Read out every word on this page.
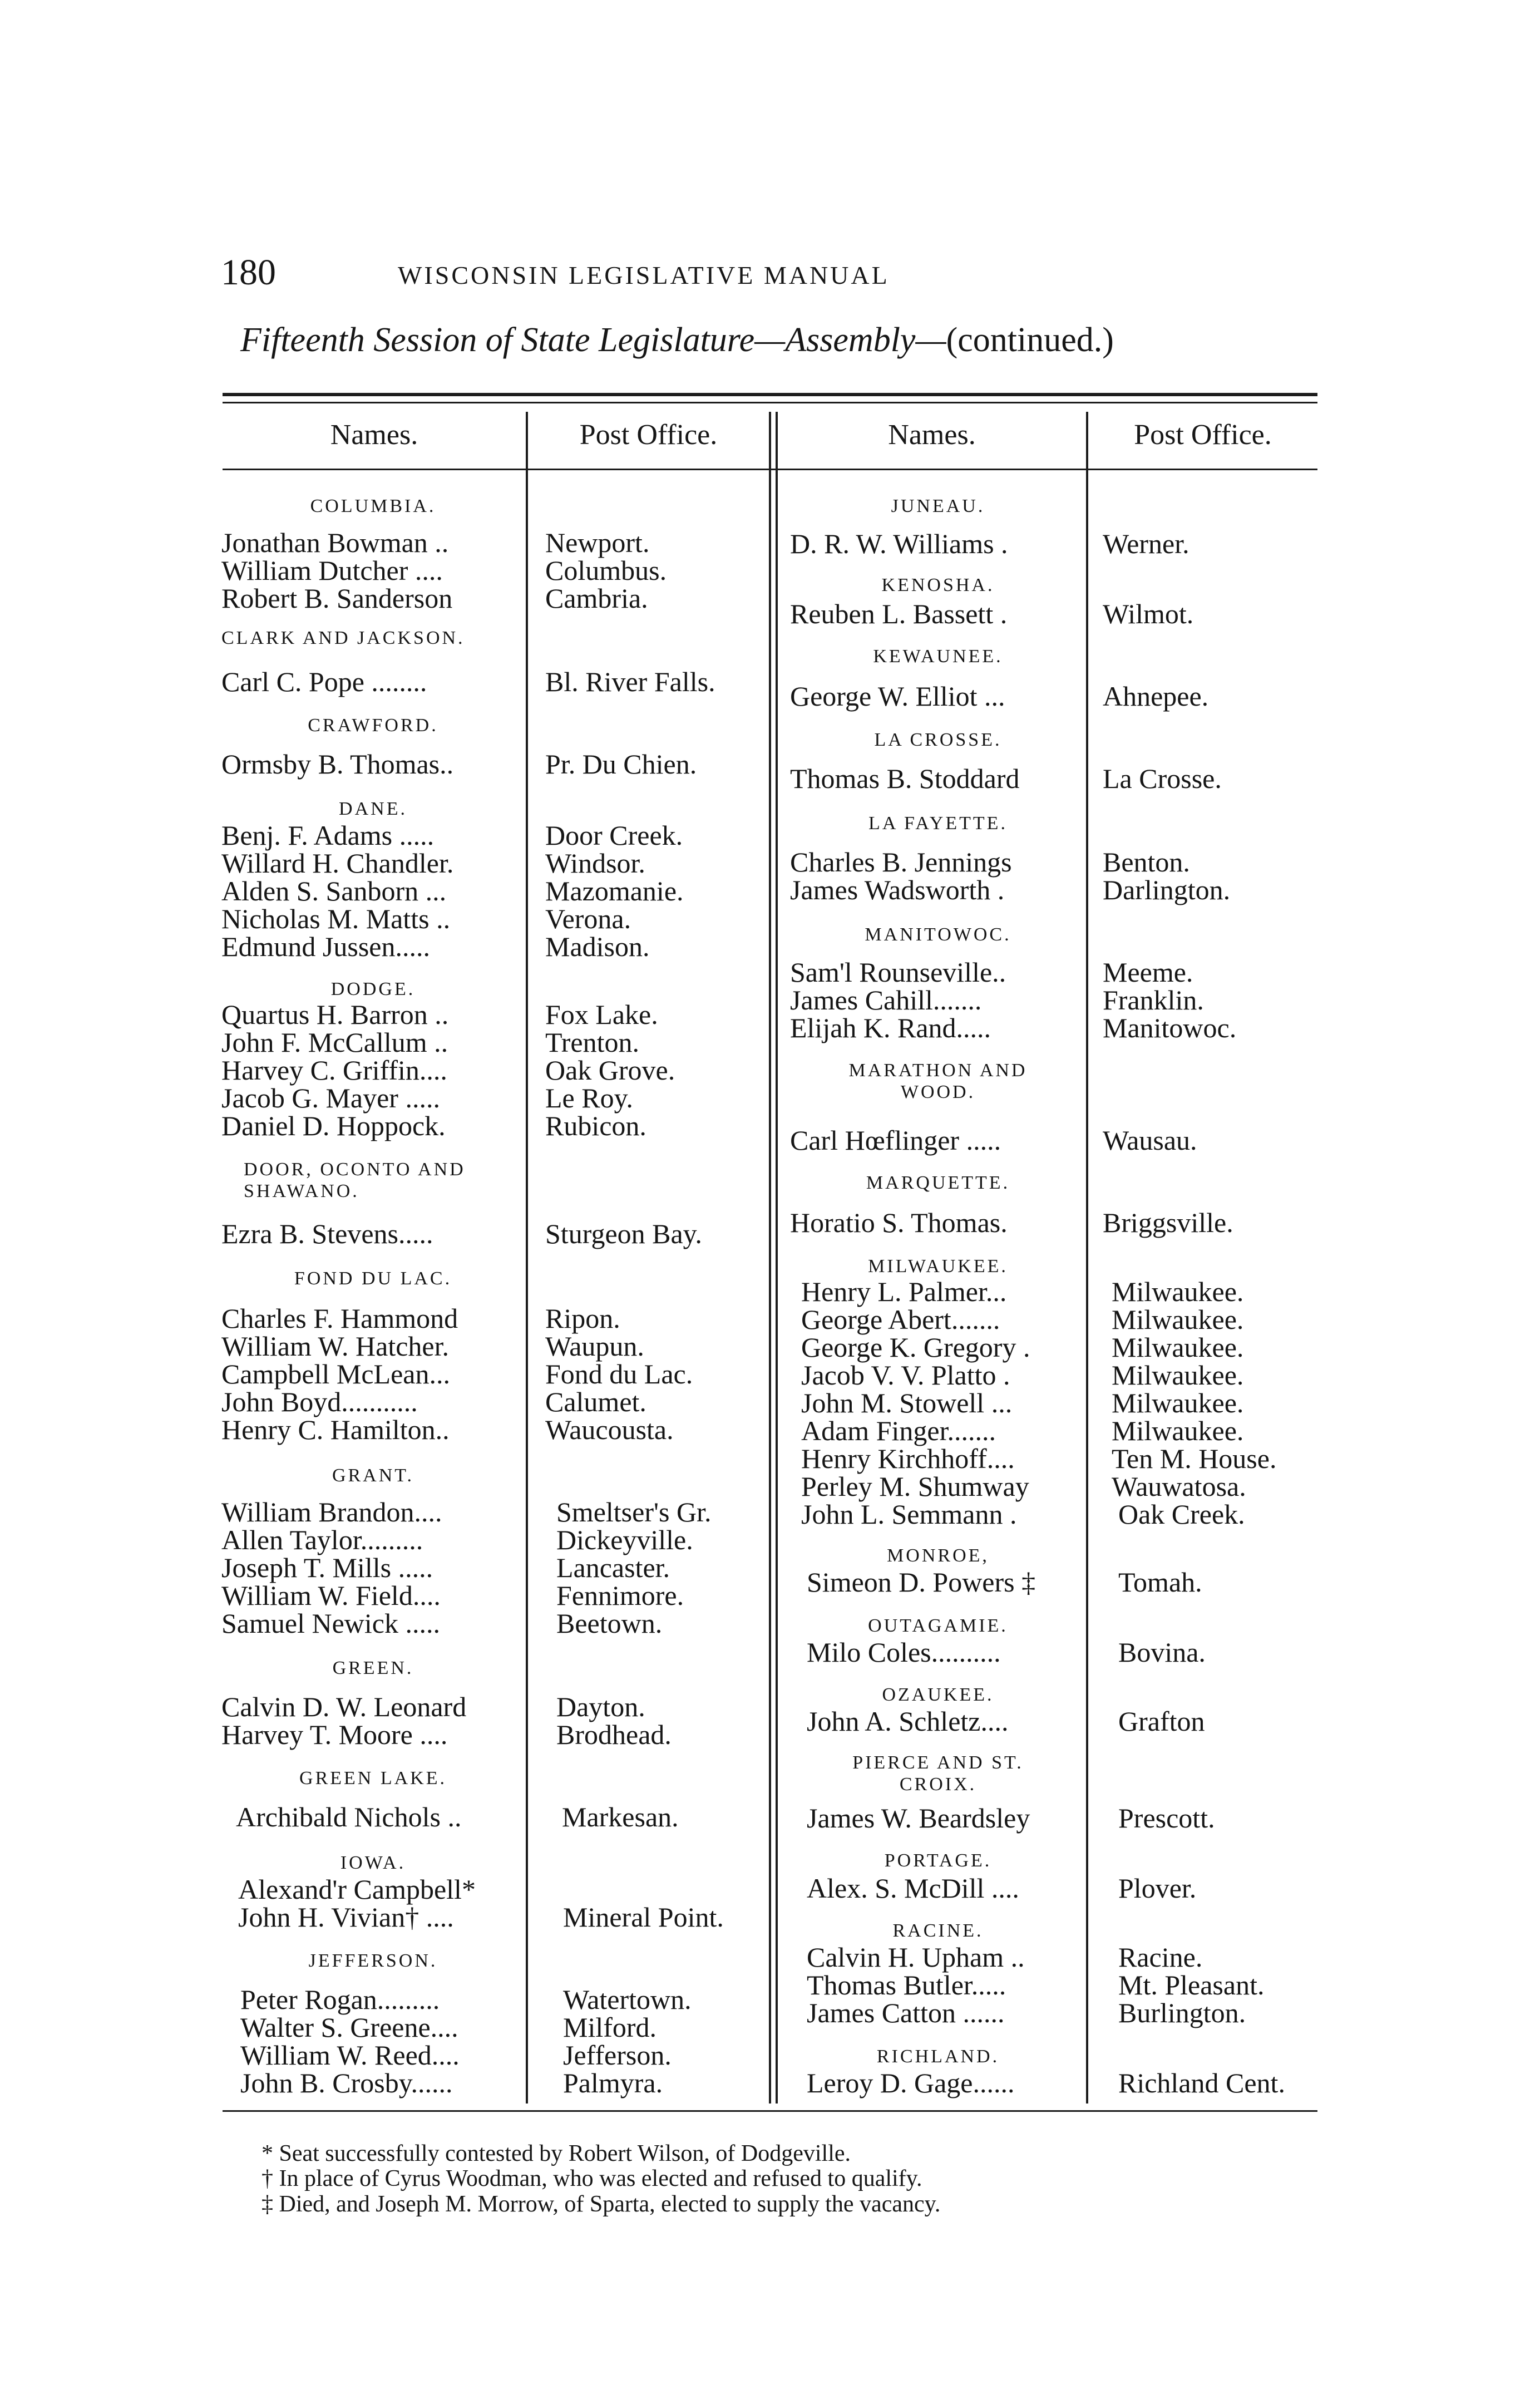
180	WISCONSIN LEGISLATIVE MANUAL
Fifteenth Session of State Legislature—Assembly—(continued.)
Names.	Post Office.	Names.	Post Office.
COLUMBIA.
Jonathan Bowman ..	Newport.
William Dutcher ....	Columbus.
Robert B. Sanderson	Cambria.
CLARK AND JACKSON.
Carl C. Pope ........	Bl. River Falls.
CRAWFORD.
Ormsby B. Thomas..	Pr. Du Chien.
DANE.
Benj. F. Adams .....	Door Creek.
Willard H. Chandler.	Windsor.
Alden S. Sanborn ...	Mazomanie.
Nicholas M. Matts ..	Verona.
Edmund Jussen.....	Madison.
DODGE.
Quartus H. Barron ..	Fox Lake.
John F. McCallum ..	Trenton.
Harvey C. Griffin....	Oak Grove.
Jacob G. Mayer .....	Le Roy.
Daniel D. Hoppock.	Rubicon.
DOOR, OCONTO AND SHAWANO.
Ezra B. Stevens.....	Sturgeon Bay.
FOND DU LAC.
Charles F. Hammond	Ripon.
William W. Hatcher.	Waupun.
Campbell McLean...	Fond du Lac.
John Boyd...........	Calumet.
Henry C. Hamilton..	Waucousta.
GRANT.
William Brandon....	Smeltser's Gr.
Allen Taylor.........	Dickeyville.
Joseph T. Mills .....	Lancaster.
William W. Field....	Fennimore.
Samuel Newick .....	Beetown.
GREEN.
Calvin D. W. Leonard	Dayton.
Harvey T. Moore ....	Brodhead.
GREEN LAKE.
Archibald Nichols ..	Markesan.
IOWA.
Alexand'r Campbell*
John H. Vivian† ....	Mineral Point.
JEFFERSON.
Peter Rogan.........	Watertown.
Walter S. Greene....	Milford.
William W. Reed....	Jefferson.
John B. Crosby......	Palmyra.
JUNEAU.
D. R. W. Williams .	Werner.
KENOSHA.
Reuben L. Bassett .	Wilmot.
KEWAUNEE.
George W. Elliot ...	Ahnepee.
LA CROSSE.
Thomas B. Stoddard	La Crosse.
LA FAYETTE.
Charles B. Jennings	Benton.
James Wadsworth .	Darlington.
MANITOWOC.
Sam'l Rounseville..	Meeme.
James Cahill.......	Franklin.
Elijah K. Rand.....	Manitowoc.
MARATHON AND WOOD.
Carl Hœflinger .....	Wausau.
MARQUETTE.
Horatio S. Thomas.	Briggsville.
MILWAUKEE.
Henry L. Palmer...	Milwaukee.
George Abert.......	Milwaukee.
George K. Gregory .	Milwaukee.
Jacob V. V. Platto .	Milwaukee.
John M. Stowell ...	Milwaukee.
Adam Finger.......	Milwaukee.
Henry Kirchhoff....	Ten M. House.
Perley M. Shumway	Wauwatosa.
John L. Semmann .	Oak Creek.
MONROE,
Simeon D. Powers ‡	Tomah.
OUTAGAMIE.
Milo Coles..........	Bovina.
OZAUKEE.
John A. Schletz....	Grafton
PIERCE AND ST. CROIX.
James W. Beardsley	Prescott.
PORTAGE.
Alex. S. McDill ....	Plover.
RACINE.
Calvin H. Upham ..	Racine.
Thomas Butler.....	Mt. Pleasant.
James Catton ......	Burlington.
RICHLAND.
Leroy D. Gage......	Richland Cent.
* Seat successfully contested by Robert Wilson, of Dodgeville.
† In place of Cyrus Woodman, who was elected and refused to qualify.
‡ Died, and Joseph M. Morrow, of Sparta, elected to supply the vacancy.
